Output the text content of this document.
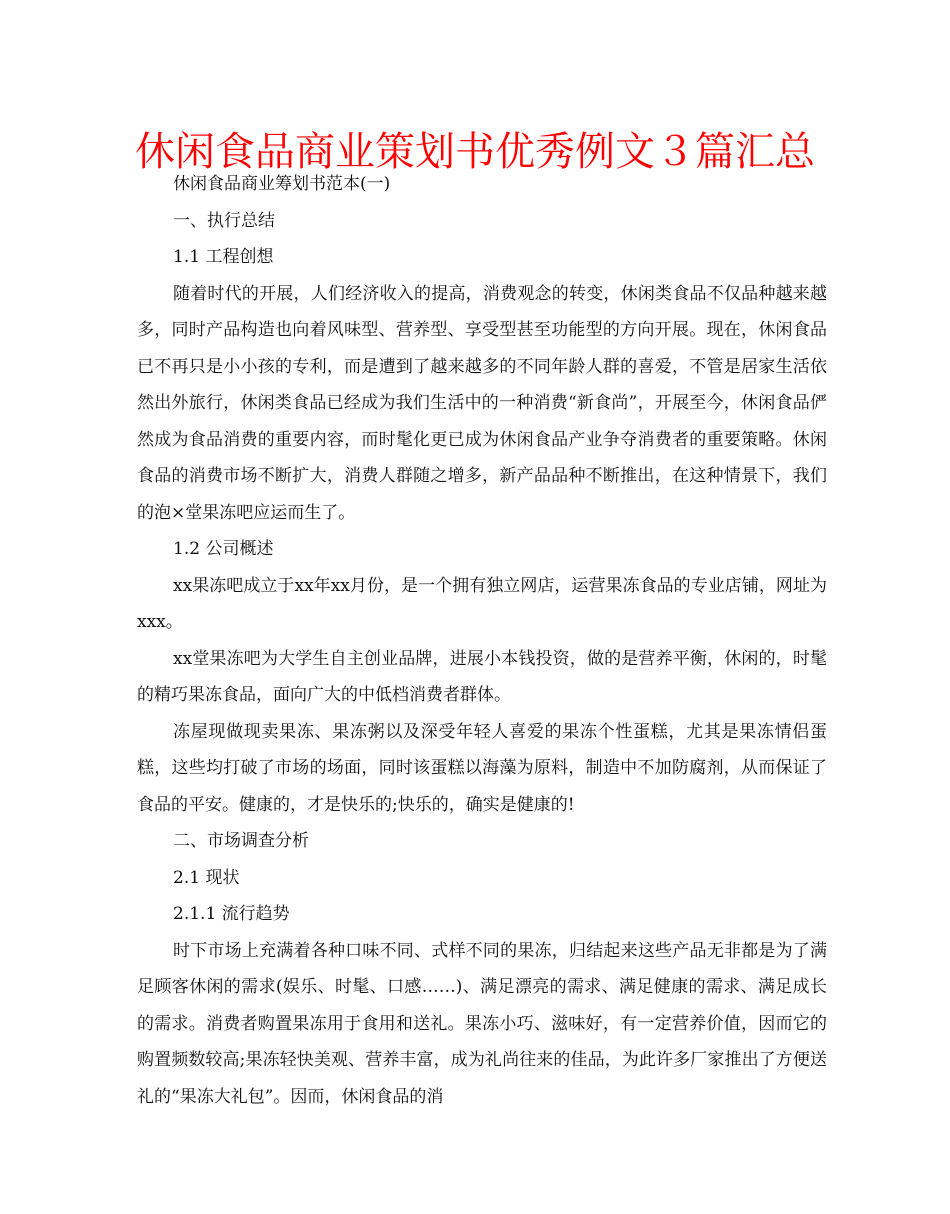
休闲食品商业策划书优秀例文３篇汇总

休闲食品商业筹划书范本(一)

一、执行总结

1.1 工程创想

随着时代的开展，人们经济收入的提高，消费观念的转变，休闲类食品不仅品种越来越多，同时产品构造也向着风味型、营养型、享受型甚至功能型的方向开展。现在，休闲食品已不再只是小小孩的专利，而是遭到了越来越多的不同年龄人群的喜爱，不管是居家生活依然出外旅行，休闲类食品已经成为我们生活中的一种消费“新食尚”，开展至今，休闲食品俨然成为食品消费的重要内容，而时髦化更已成为休闲食品产业争夺消费者的重要策略。休闲食品的消费市场不断扩大，消费人群随之增多，新产品品种不断推出，在这种情景下，我们的泡×堂果冻吧应运而生了。

1.2 公司概述

xx果冻吧成立于xx年xx月份，是一个拥有独立网店，运营果冻食品的专业店铺，网址为xxx。

xx堂果冻吧为大学生自主创业品牌，进展小本钱投资，做的是营养平衡，休闲的，时髦的精巧果冻食品，面向广大的中低档消费者群体。

冻屋现做现卖果冻、果冻粥以及深受年轻人喜爱的果冻个性蛋糕，尤其是果冻情侣蛋糕，这些均打破了市场的场面，同时该蛋糕以海藻为原料，制造中不加防腐剂，从而保证了食品的平安。健康的，才是快乐的;快乐的，确实是健康的!

二、市场调查分析

2.1 现状

2.1.1 流行趋势

时下市场上充满着各种口味不同、式样不同的果冻，归结起来这些产品无非都是为了满足顾客休闲的需求(娱乐、时髦、口感……)、满足漂亮的需求、满足健康的需求、满足成长的需求。消费者购置果冻用于食用和送礼。果冻小巧、滋味好，有一定营养价值，因而它的购置频数较高;果冻轻快美观、营养丰富，成为礼尚往来的佳品，为此许多厂家推出了方便送礼的“果冻大礼包”。因而，休闲食品的消
